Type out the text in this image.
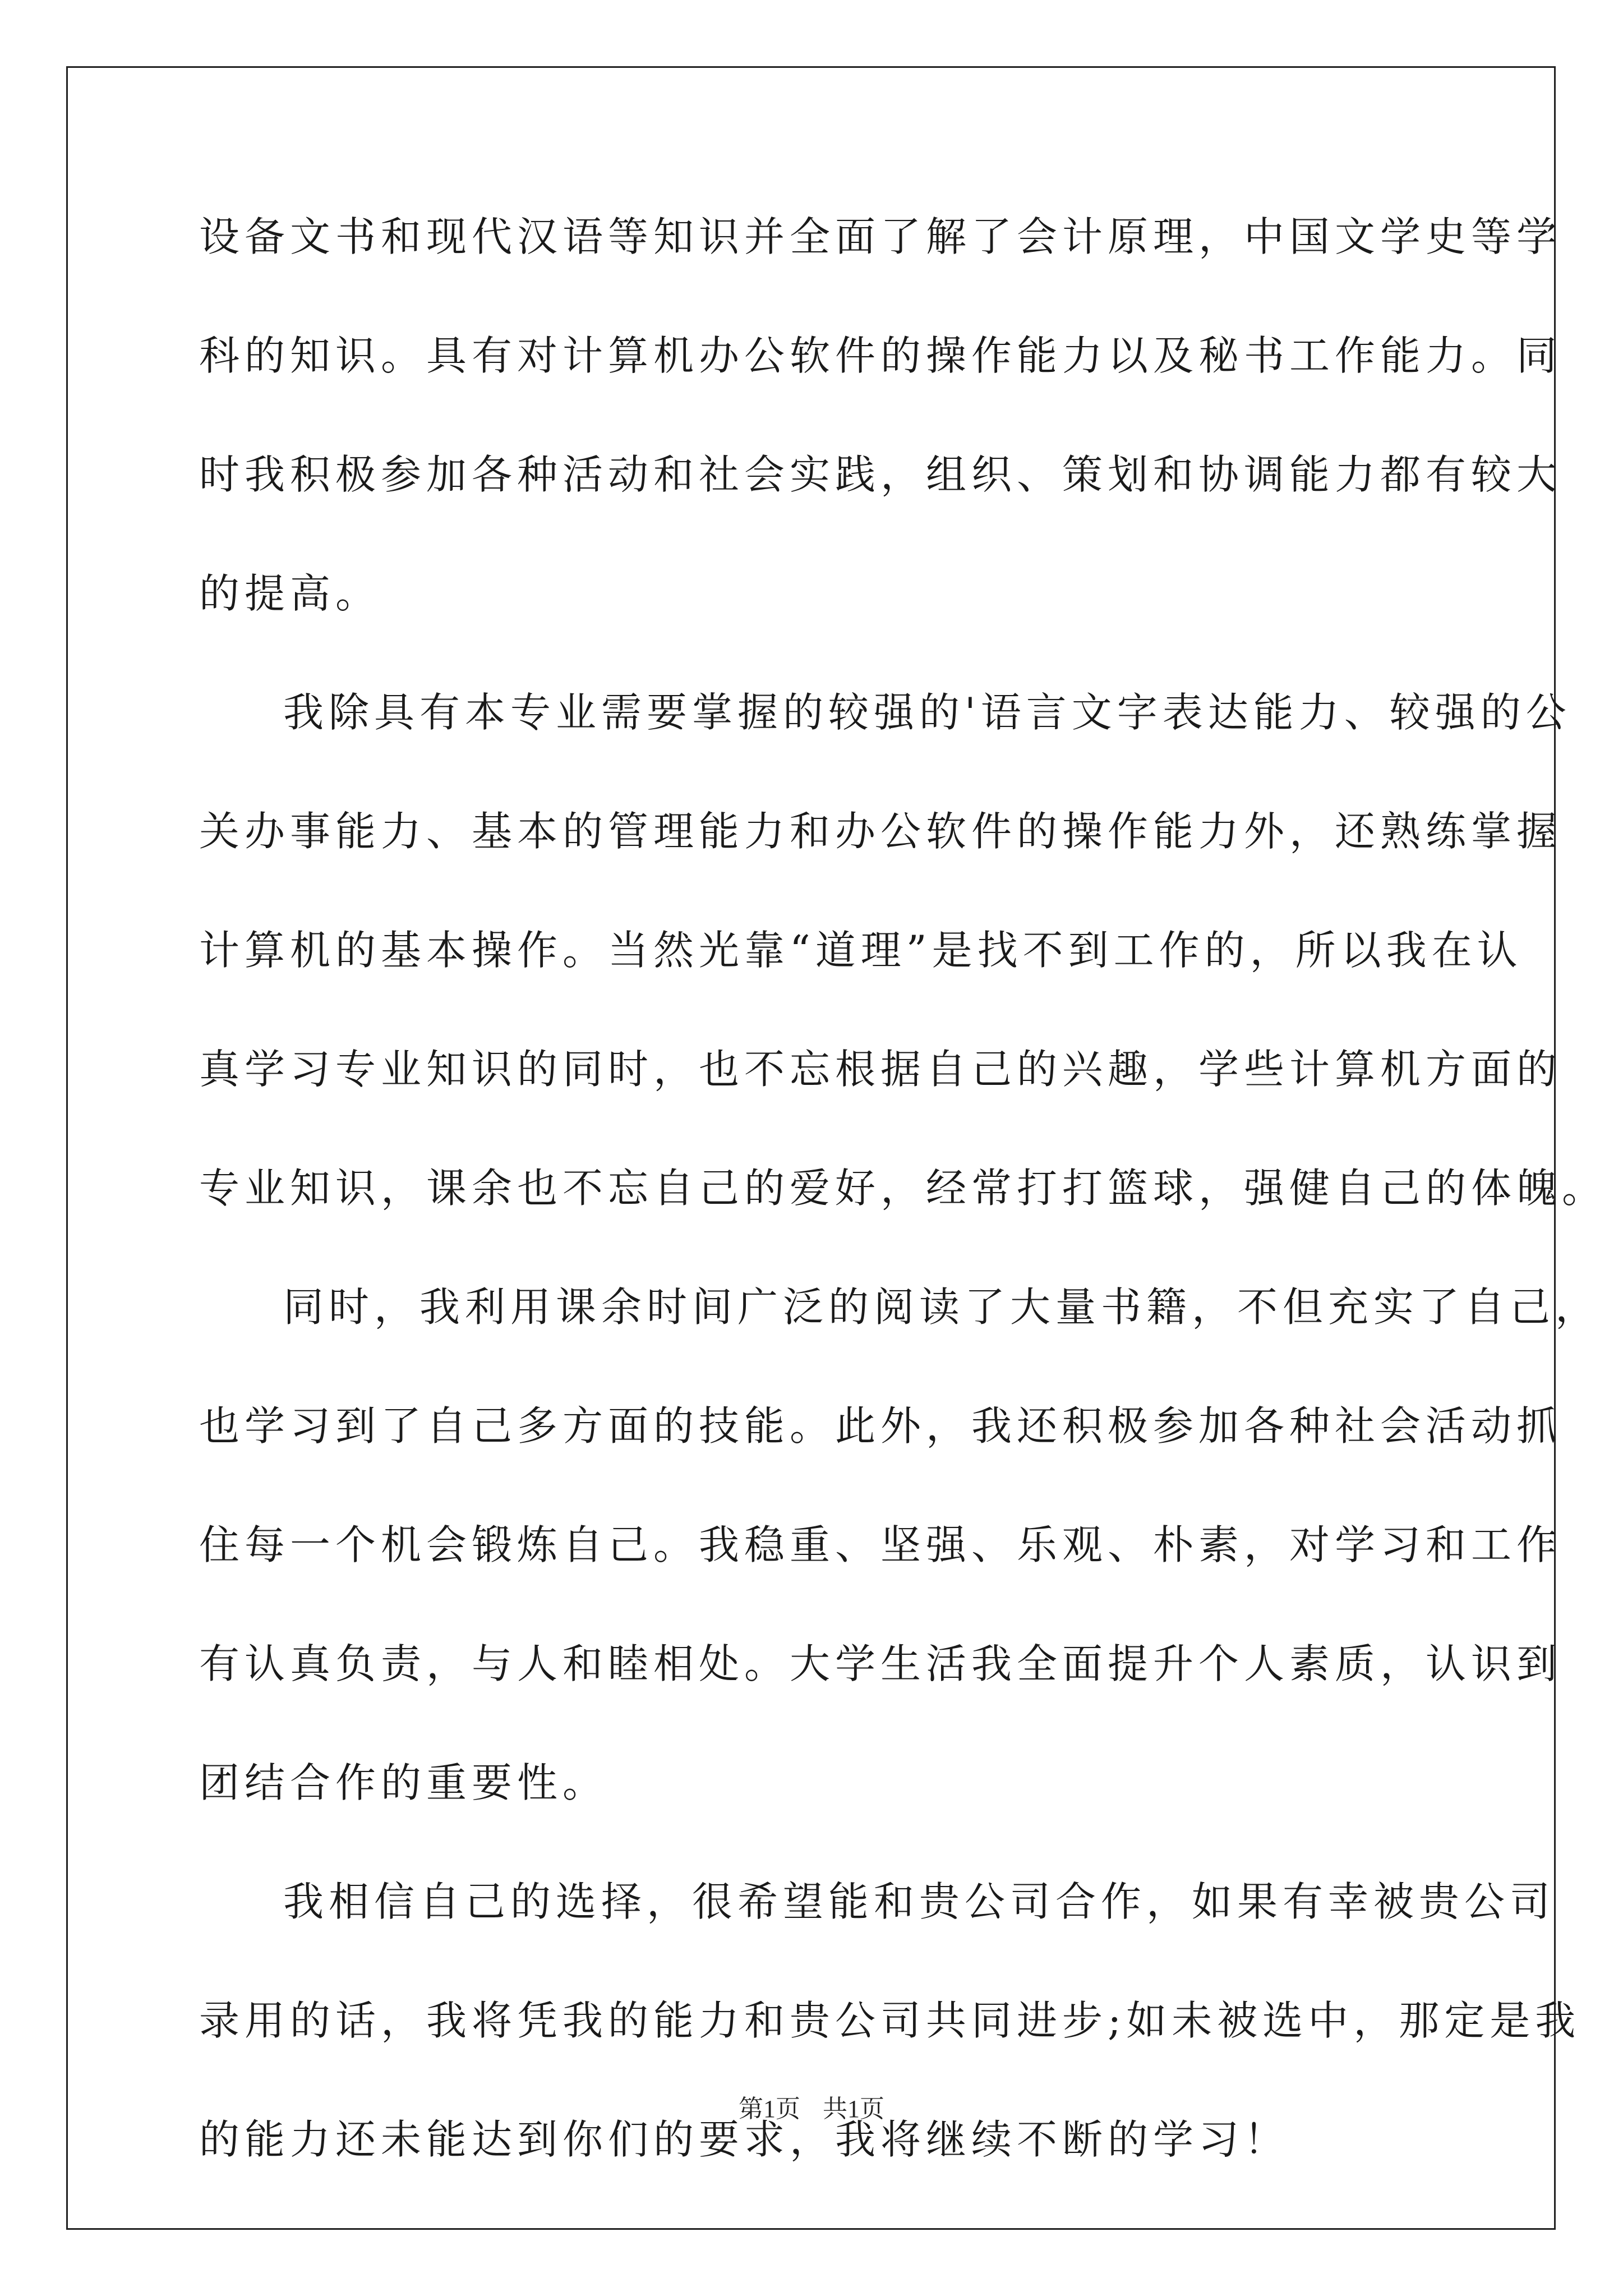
设备文书和现代汉语等知识并全面了解了会计原理，中国文学史等学
科的知识。具有对计算机办公软件的操作能力以及秘书工作能力。同
时我积极参加各种活动和社会实践，组织、策划和协调能力都有较大
的提高。
我除具有本专业需要掌握的较强的'语言文字表达能力、较强的公
关办事能力、基本的管理能力和办公软件的操作能力外，还熟练掌握
计算机的基本操作。当然光靠“道理”是找不到工作的，所以我在认
真学习专业知识的同时，也不忘根据自己的兴趣，学些计算机方面的
专业知识，课余也不忘自己的爱好，经常打打篮球，强健自己的体魄。
同时，我利用课余时间广泛的阅读了大量书籍，不但充实了自己，
也学习到了自己多方面的技能。此外，我还积极参加各种社会活动抓
住每一个机会锻炼自己。我稳重、坚强、乐观、朴素，对学习和工作
有认真负责，与人和睦相处。大学生活我全面提升个人素质，认识到
团结合作的重要性。
我相信自己的选择，很希望能和贵公司合作，如果有幸被贵公司
录用的话，我将凭我的能力和贵公司共同进步;如未被选中，那定是我
的能力还未能达到你们的要求，我将继续不断的学习！
第1页 共1页
